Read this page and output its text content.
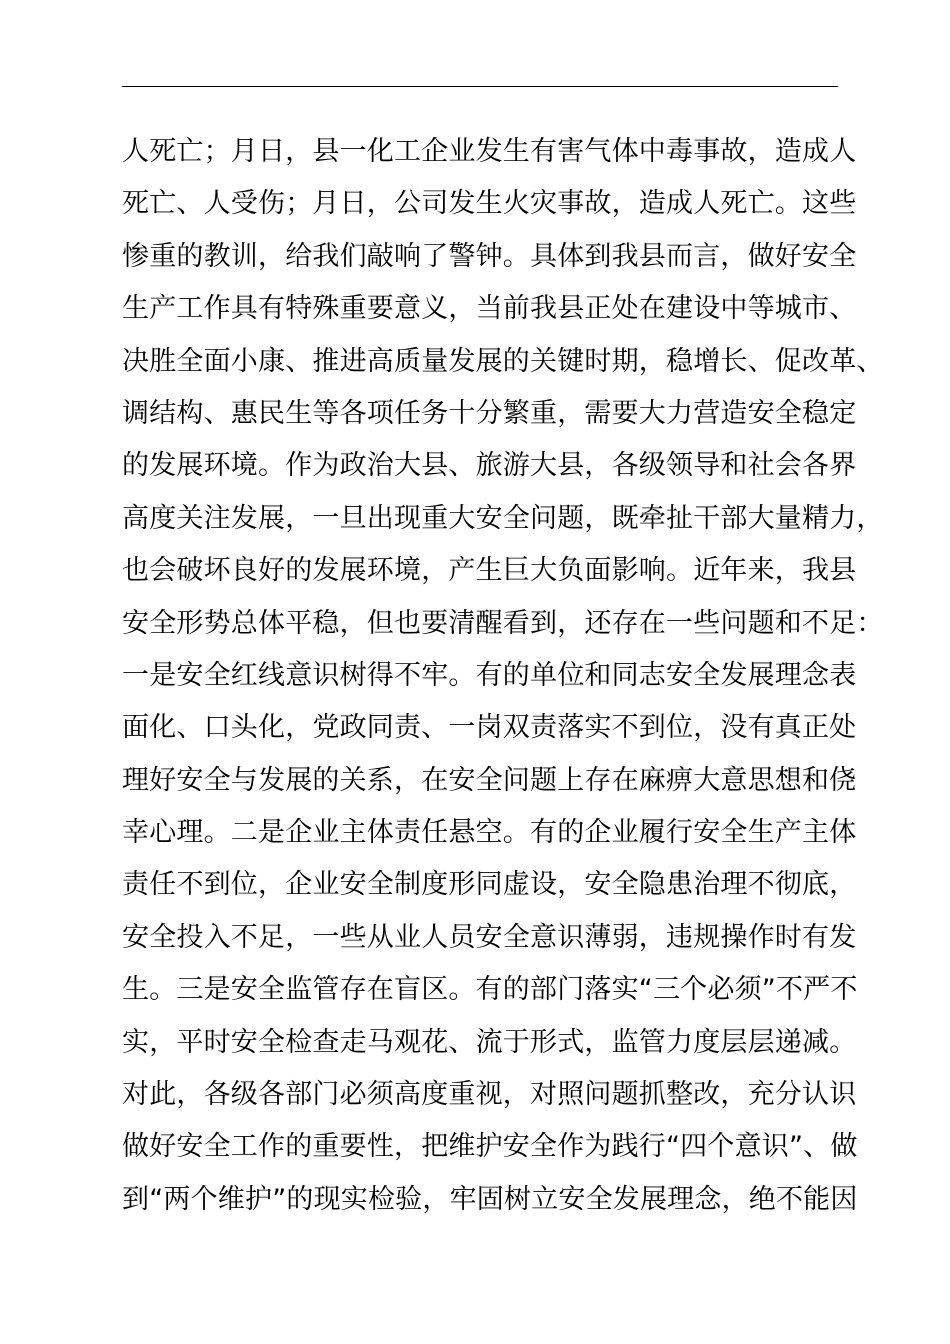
人死亡；月日，县一化工企业发生有害气体中毒事故，造成人
死亡、人受伤；月日，公司发生火灾事故，造成人死亡。这些
惨重的教训，给我们敲响了警钟。具体到我县而言，做好安全
生产工作具有特殊重要意义，当前我县正处在建设中等城市、
决胜全面小康、推进高质量发展的关键时期，稳增长、促改革、
调结构、惠民生等各项任务十分繁重，需要大力营造安全稳定
的发展环境。作为政治大县、旅游大县，各级领导和社会各界
高度关注发展，一旦出现重大安全问题，既牵扯干部大量精力，
也会破坏良好的发展环境，产生巨大负面影响。近年来，我县
安全形势总体平稳，但也要清醒看到，还存在一些问题和不足：
一是安全红线意识树得不牢。有的单位和同志安全发展理念表
面化、口头化，党政同责、一岗双责落实不到位，没有真正处
理好安全与发展的关系，在安全问题上存在麻痹大意思想和侥
幸心理。二是企业主体责任悬空。有的企业履行安全生产主体
责任不到位，企业安全制度形同虚设，安全隐患治理不彻底，
安全投入不足，一些从业人员安全意识薄弱，违规操作时有发
生。三是安全监管存在盲区。有的部门落实“三个必须”不严不
实，平时安全检查走马观花、流于形式，监管力度层层递减。
对此，各级各部门必须高度重视，对照问题抓整改，充分认识
做好安全工作的重要性，把维护安全作为践行“四个意识”、做
到“两个维护”的现实检验，牢固树立安全发展理念，绝不能因
